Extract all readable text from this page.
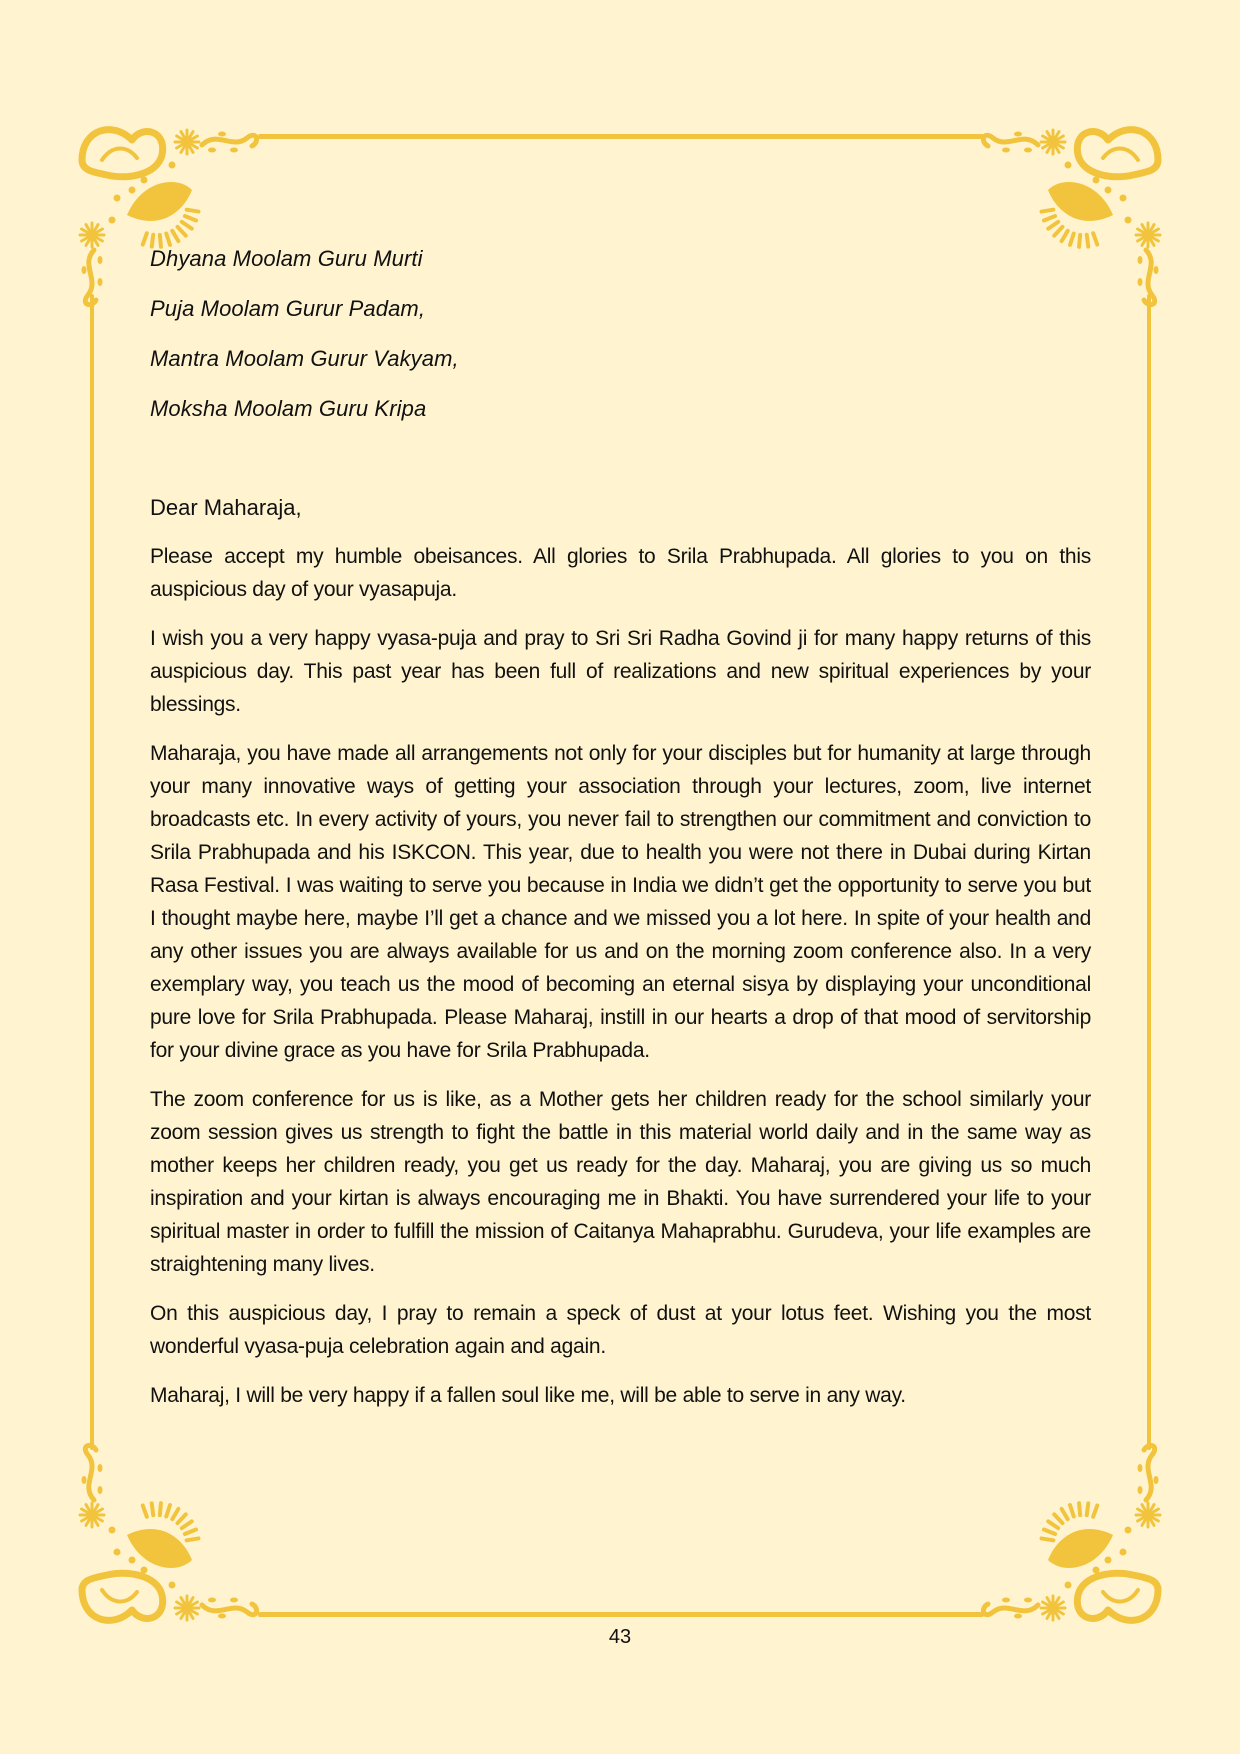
Dhyana Moolam Guru Murti

Puja Moolam Gurur Padam,

Mantra Moolam Gurur Vakyam,

Moksha Moolam Guru Kripa

Dear Maharaja,

Please accept my humble obeisances. All glories to Srila Prabhupada. All glories to you on this auspicious day of your vyasapuja.

I wish you a very happy vyasa-puja and pray to Sri Sri Radha Govind ji for many happy returns of this auspicious day. This past year has been full of realizations and new spiritual experiences by your blessings.

Maharaja, you have made all arrangements not only for your disciples but for humanity at large through your many innovative ways of getting your association through your lectures, zoom, live internet broadcasts etc. In every activity of yours, you never fail to strengthen our commitment and conviction to Srila Prabhupada and his ISKCON. This year, due to health you were not there in Dubai during Kirtan Rasa Festival. I was waiting to serve you because in India we didn’t get the opportunity to serve you but I thought maybe here, maybe I’ll get a chance and we missed you a lot here. In spite of your health and any other issues you are always available for us and on the morning zoom conference also. In a very exemplary way, you teach us the mood of becoming an eternal sisya by displaying your unconditional pure love for Srila Prabhupada. Please Maharaj, instill in our hearts a drop of that mood of servitorship for your divine grace as you have for Srila Prabhupada.

The zoom conference for us is like, as a Mother gets her children ready for the school similarly your zoom session gives us strength to fight the battle in this material world daily and in the same way as mother keeps her children ready, you get us ready for the day. Maharaj, you are giving us so much inspiration and your kirtan is always encouraging me in Bhakti. You have surrendered your life to your spiritual master in order to fulfill the mission of Caitanya Mahaprabhu. Gurudeva, your life examples are straightening many lives.

On this auspicious day, I pray to remain a speck of dust at your lotus feet. Wishing you the most wonderful vyasa-puja celebration again and again.

Maharaj, I will be very happy if a fallen soul like me, will be able to serve in any way.

43
